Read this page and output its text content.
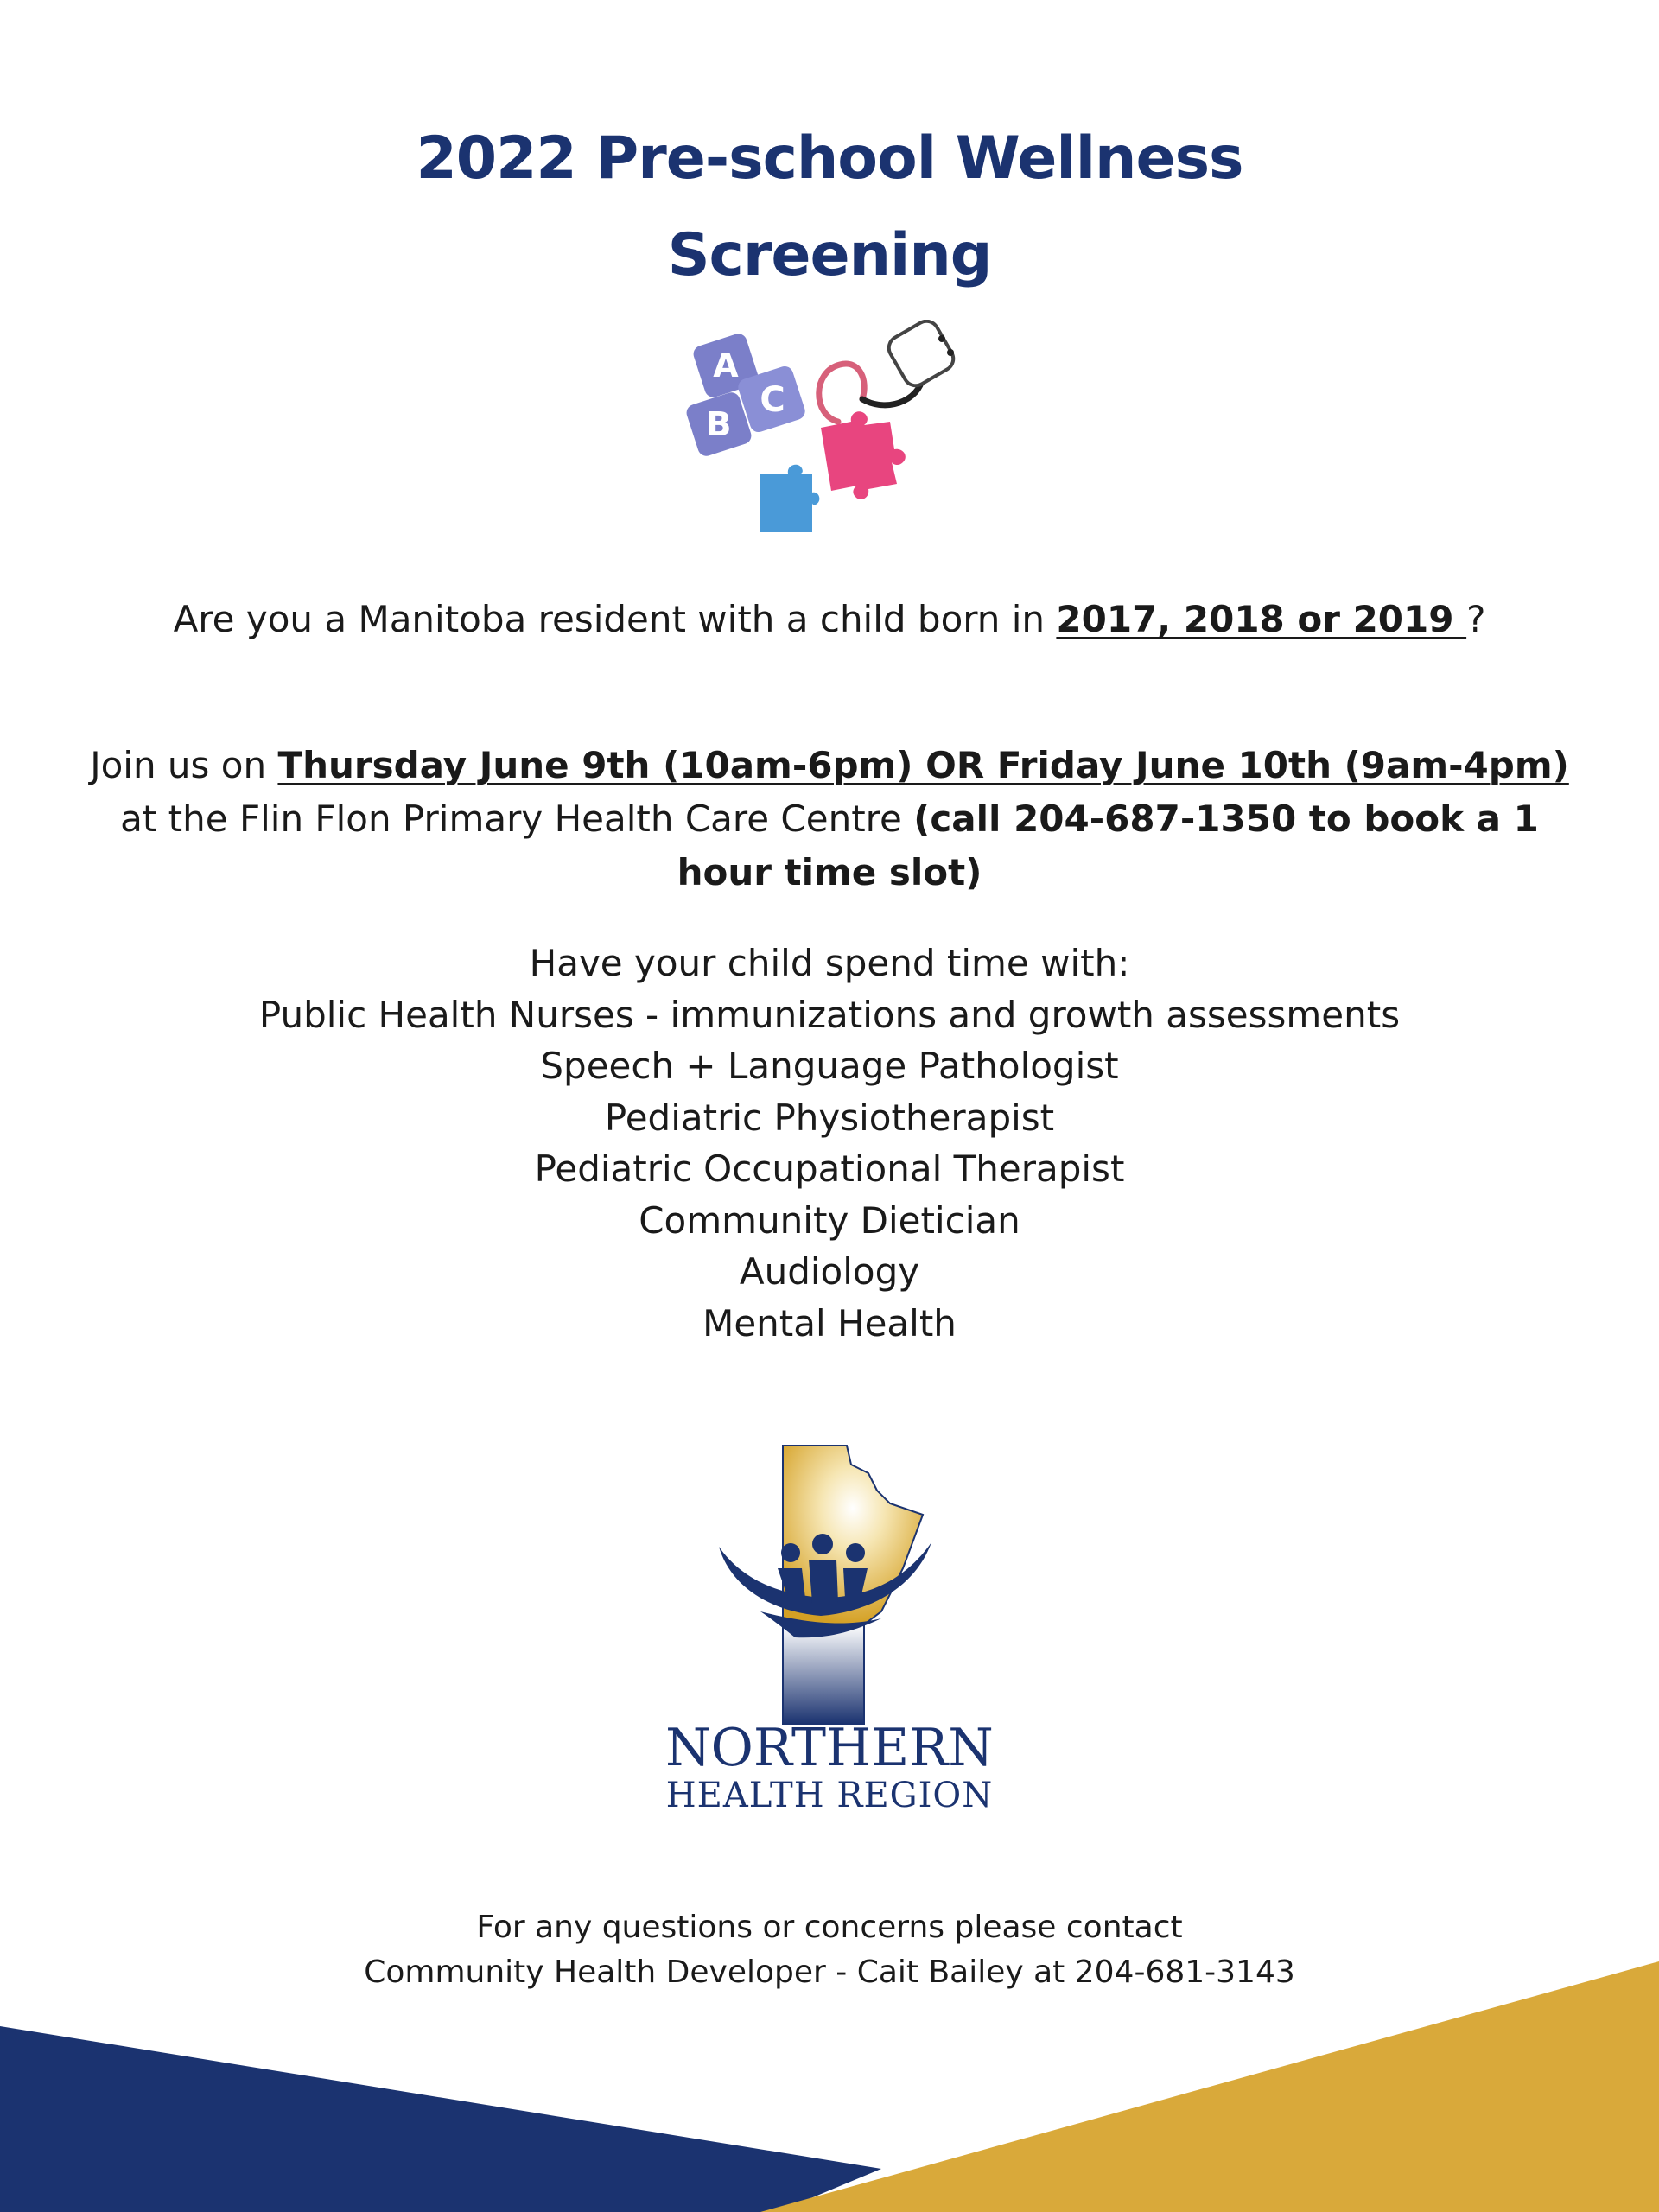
2022 Pre-school Wellness
Screening
A
B
C
Are you a Manitoba resident with a child born in 2017, 2018 or 2019 ?
Join us on Thursday June 9th (10am-6pm) OR Friday June 10th (9am-4pm)
at the Flin Flon Primary Health Care Centre (call 204-687-1350 to book a 1
hour time slot)
Have your child spend time with:
Public Health Nurses - immunizations and growth assessments
Speech + Language Pathologist
Pediatric Physiotherapist
Pediatric Occupational Therapist
Community Dietician
Audiology
Mental Health
NORTHERN
HEALTH REGION
For any questions or concerns please contact
Community Health Developer - Cait Bailey at 204-681-3143
